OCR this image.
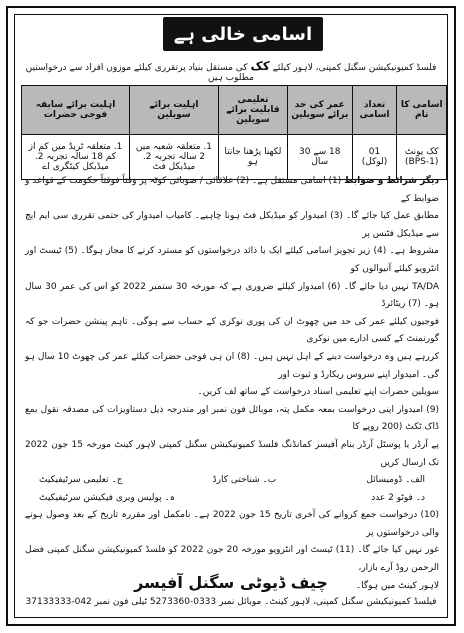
اسامی خالی ہے
فلسڈ کمیونیکیشن سگنل کمپنی، لاہور کیلئے کک کی مستقل بنیاد پرتقرری کیلئے موزوں افراد سے درخواستیں مطلوب ہیں
اسامی کا نام	تعداد اسامی	عمر کی حد برائے سویلین	تعلیمی قابلیت برائے سویلین	اہلیت برائے سویلین	اہلیت برائے سابقہ فوجی حضرات
کک یونٹ (BPS-1)	01 (لوکل)	18 سے 30 سال	لکھنا پڑھنا جانتا ہو	1. متعلقہ شعبہ میں 2 سالہ تجربہ 2. میڈیکل فٹ	1. متعلقہ ٹریڈ میں کم از کم 18 سالہ تجربہ 2. میڈیکل کیٹگری اے

دیگر شرائط و ضوابط (1) اسامی مستقل ہے۔ (2) علاقائی / صوبائی کوٹہ پر وقتاً فوقتاً حکومت کے قواعد و ضوابط کے

مطابق عمل کیا جائے گا۔ (3) امیدوار کو میڈیکل فٹ ہونا چاہیے۔ کامیاب امیدوار کی حتمی تقرری سی ایم ایچ سے میڈیکل فٹنس پر

مشروط ہے۔ (4) زیر تجویز اسامی کیلئے ایک یا ذائد درخواستوں کو مسترد کرنے کا مجاز ہوگا۔ (5) ٹیسٹ اور انٹرویو کیلئے آنیوالوں کو

TA/DA نہیں دیا جائے گا۔ (6) امیدوار کیلئے ضروری ہے کہ مورخہ 30 ستمبر 2022 کو اس کی عمر 30 سال ہو۔ (7) ریٹائرڈ

فوجیوں کیلئے عمر کی حد میں چھوٹ ان کی پوری نوکری کے حساب سے ہوگی۔ تاہم پینشن حضرات جو کہ گورنمنٹ کے کسی ادارے میں نوکری

کررہے ہیں وہ درخواست دینے کے اہل نہیں ہیں۔ (8) ان ہی فوجی حضرات کیلئے عمر کی چھوٹ 10 سال ہو گی۔ امیدوار اپنے سروس ریکارڈ و ثبوت اور

سویلین حضرات اپنے تعلیمی اسناد درخواست کے ساتھ لف کریں۔

(9) امیدوار اپنی درخواست بمعہ مکمل پتہ، موبائل فون نمبر اور مندرجہ ذیل دستاویزات کی مصدقہ نقول بمع ڈاک ٹکٹ (200 روپے کا

پے آرڈر یا پوسٹل آرڈر بنام آفیسر کمانڈنگ فلسڈ کمیونیکیشن سگنل کمپنی لاہور کینٹ مورخہ 15 جون 2022 تک ارسال کریں

الف۔ ڈومیسائل
ب۔ شناختی کارڈ
ج۔ تعلیمی سرٹیفیکیٹ
د۔ فوٹو 2 عدد
ہ۔ پولیس ویری فیکیشن سرٹیفیکیٹ

(10) درخواست جمع کروانے کی آخری تاریخ 15 جون 2022 ہے۔ نامکمل اور مقررہ تاریخ کے بعد وصول ہونے والی درخواستوں پر

غور نہیں کیا جائے گا۔ (11) ٹیسٹ اور انٹرویو مورخہ 20 جون 2022 کو فلسڈ کمیونیکیشن سگنل کمپنی فضل الرحمن روڈ آرے بازار،

لاہور کینٹ میں ہوگا۔

چیف ڈیوٹی سگنل آفیسر
فیلسڈ کمیونیکیشن سگنل کمپنی، لاہور کینٹ۔ موبائل نمبر 0333-5273360 ٹیلی فون نمبر 042-37133333
